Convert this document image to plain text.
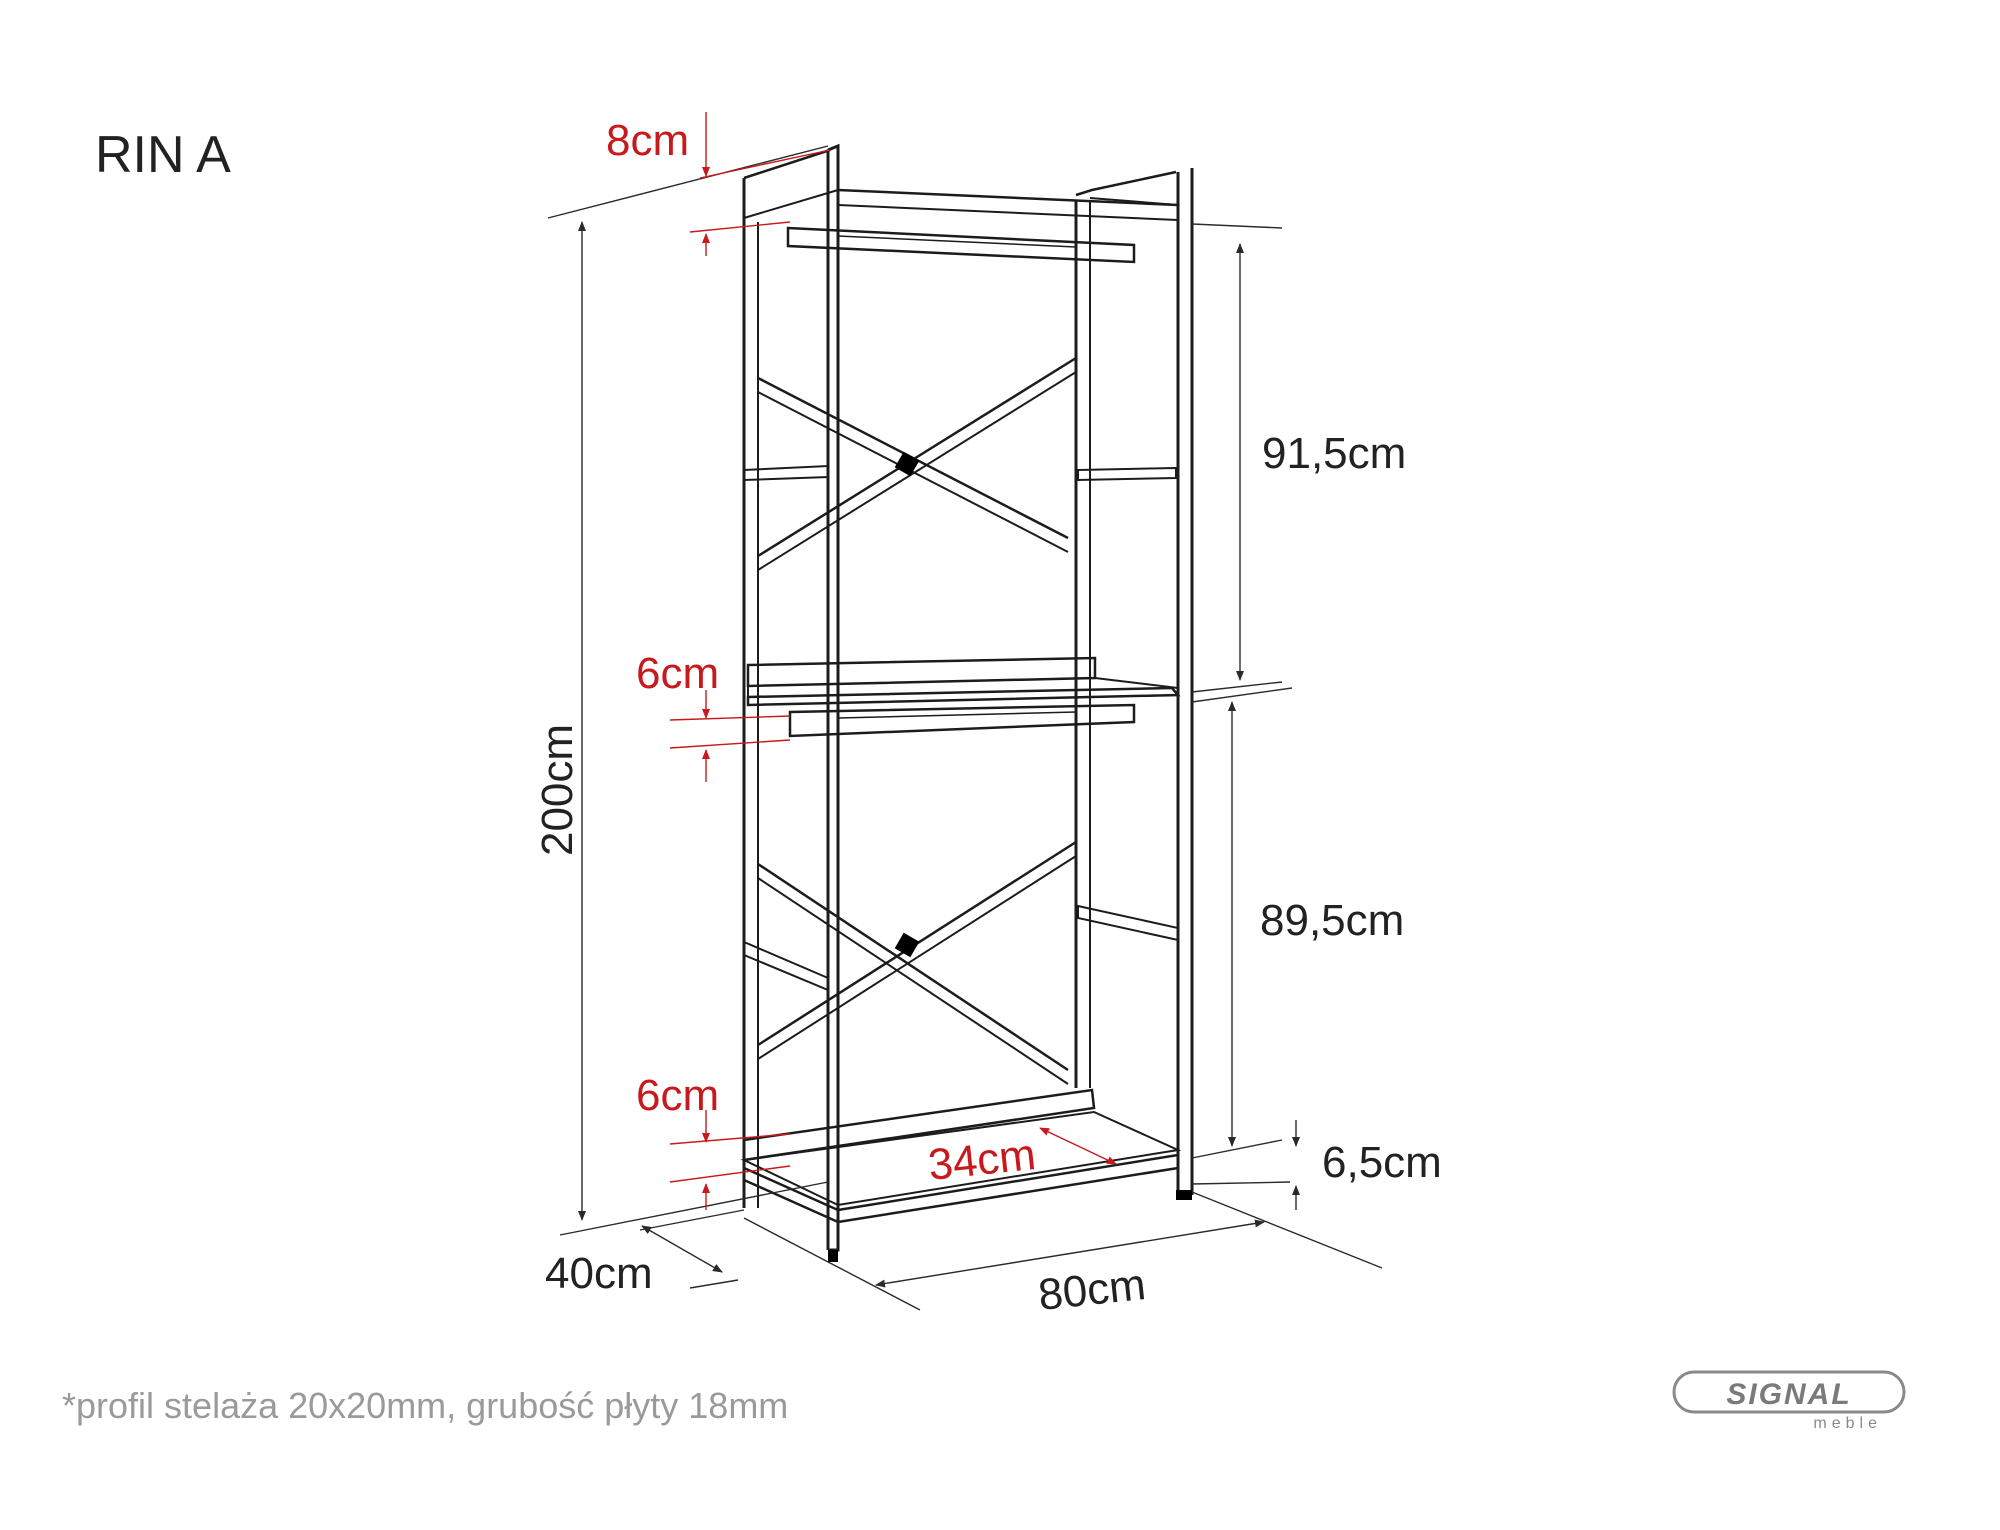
RIN A
200cm
91,5cm
89,5cm
6,5cm
40cm	80cm
8cm
6cm
6cm
34cm
*profil stelaża 20x20mm, grubość płyty 18mm	SIGNAL
meble
